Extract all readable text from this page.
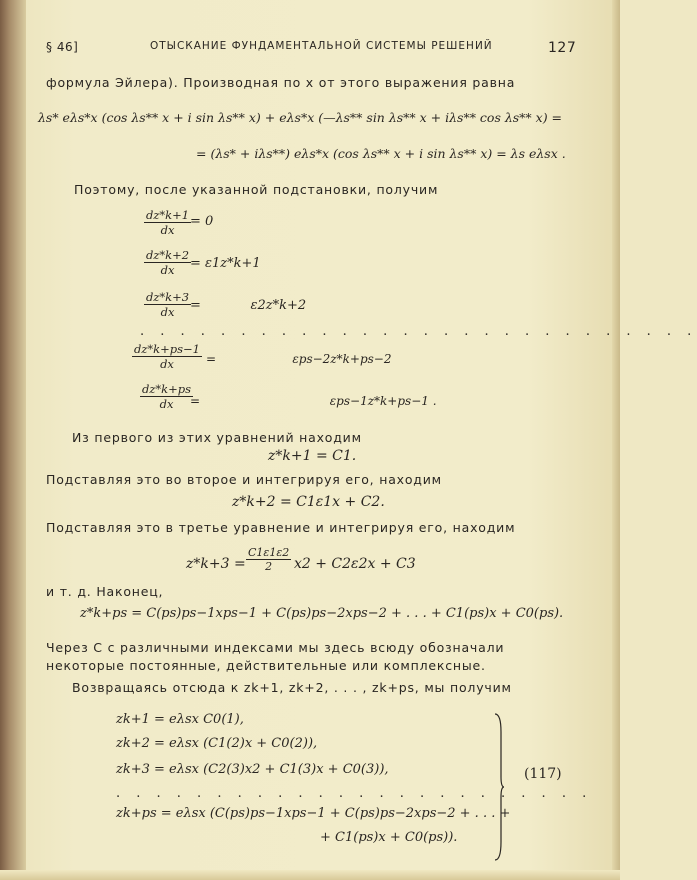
§ 46]	ОТЫСКАНИЕ ФУНДАМЕНТАЛЬНОЙ СИСТЕМЫ РЕШЕНИЙ	127
формула Эйлера). Производная по x от этого выражения равна
λs* eλs*x (cos λs** x + i sin λs** x) + eλs*x (—λs** sin λs** x + iλs** cos λs** x) =
= (λs* + iλs**) eλs*x (cos λs** x + i sin λs** x) = λs eλsx .
Поэтому, после указанной подстановки, получим
$\frac{dz*k+1}{dx}$
= 0
$\frac{dz*k+2}{dx}$
= ε1z*k+1
$\frac{dz*k+3}{dx}$
=            ε2z*k+2
. . . . . . . . . . . . . . . . . . . . . . . . . . . .
$\frac{dz*k+ps-1}{dx}$ =                    εps−2z*k+ps−2
$\frac{dz*k+ps}{dx}$
=                                  εps−1z*k+ps−1 .
Из первого из этих уравнений находим
z*k+1 = C1.
Подставляя это во второе и интегрируя его, находим
z*k+2 = C1ε1x + C2.
Подставляя это в третье уравнение и интегрируя его, находим
$z*k+3 = \frac{C1\varepsilon 1\varepsilon 2}{2} x2 + C2\varepsilon 2x + C3$
и т. д. Наконец,
z*k+ps = C(ps)ps−1xps−1 + C(ps)ps−2xps−2 + . . . + C1(ps)x + C0(ps).
Через C с различными индексами мы здесь всюду обозначали
некоторые постоянные, действительные или комплексные.
Возвращаясь отсюда к zk+1, zk+2, . . . , zk+ps, мы получим
zk+1 = eλsx C0(1),
zk+2 = eλsx (C1(2)x + C0(2)),
zk+3 = eλsx (C2(3)x2 + C1(3)x + C0(3)),
. . . . . . . . . . . . . . . . . . . . . . . .
zk+ps = eλsx (C(ps)ps−1xps−1 + C(ps)ps−2xps−2 + . . . +
+ C1(ps)x + C0(ps)).
(117)
